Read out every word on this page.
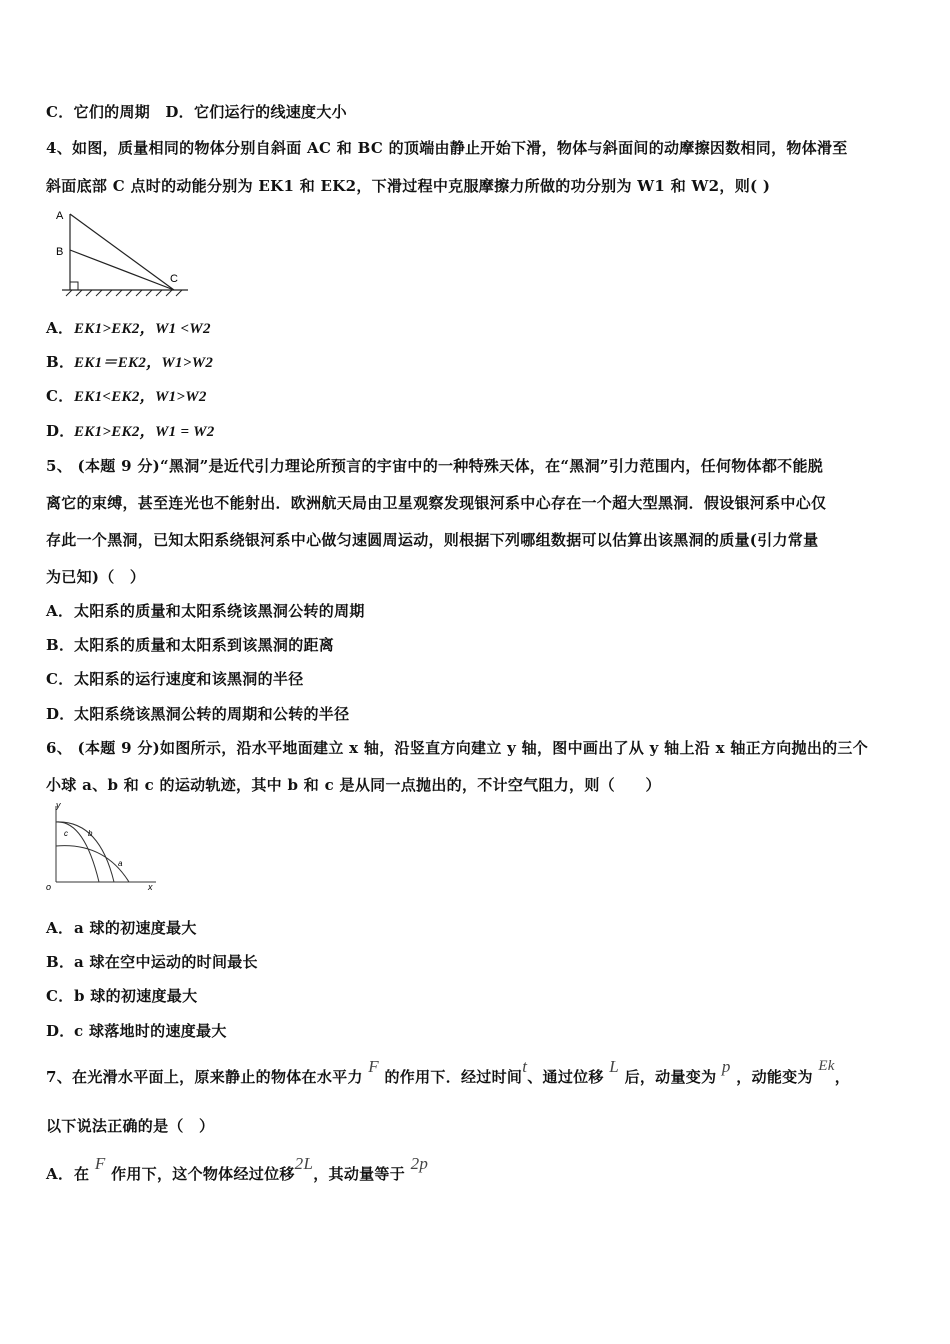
C．它们的周期　D．它们运行的线速度大小
4、如图，质量相同的物体分别自斜面 AC 和 BC 的顶端由静止开始下滑，物体与斜面间的动摩擦因数相同，物体滑至
斜面底部 C 点时的动能分别为 EK1 和 EK2，下滑过程中克服摩擦力所做的功分别为 W1 和 W2，则( )
A
B
C
A．EK1>EK2，W1 <W2
B．EK1＝EK2，W1>W2
C．EK1<EK2，W1>W2
D．EK1>EK2，W1 = W2
5、 (本题 9 分)“黑洞”是近代引力理论所预言的宇宙中的一种特殊天体，在“黑洞”引力范围内，任何物体都不能脱
离它的束缚，甚至连光也不能射出．欧洲航天局由卫星观察发现银河系中心存在一个超大型黑洞．假设银河系中心仅
存此一个黑洞，已知太阳系绕银河系中心做匀速圆周运动，则根据下列哪组数据可以估算出该黑洞的质量(引力常量
为已知)（　）
A．太阳系的质量和太阳系绕该黑洞公转的周期
B．太阳系的质量和太阳系到该黑洞的距离
C．太阳系的运行速度和该黑洞的半径
D．太阳系绕该黑洞公转的周期和公转的半径
6、 (本题 9 分)如图所示，沿水平地面建立 x 轴，沿竖直方向建立 y 轴，图中画出了从 y 轴上沿 x 轴正方向抛出的三个
小球 a、b 和 c 的运动轨迹，其中 b 和 c 是从同一点抛出的，不计空气阻力，则（　　）
y
o	x
b
c
a
A．a 球的初速度最大
B．a 球在空中运动的时间最长
C．b 球的初速度最大
D．c 球落地时的速度最大
7、在光滑水平面上，原来静止的物体在水平力 F 的作用下．经过时间t、通过位移 L 后，动量变为 p ，动能变为 Ek，
以下说法正确的是（　）
A．在 F 作用下，这个物体经过位移2L，其动量等于 2p
